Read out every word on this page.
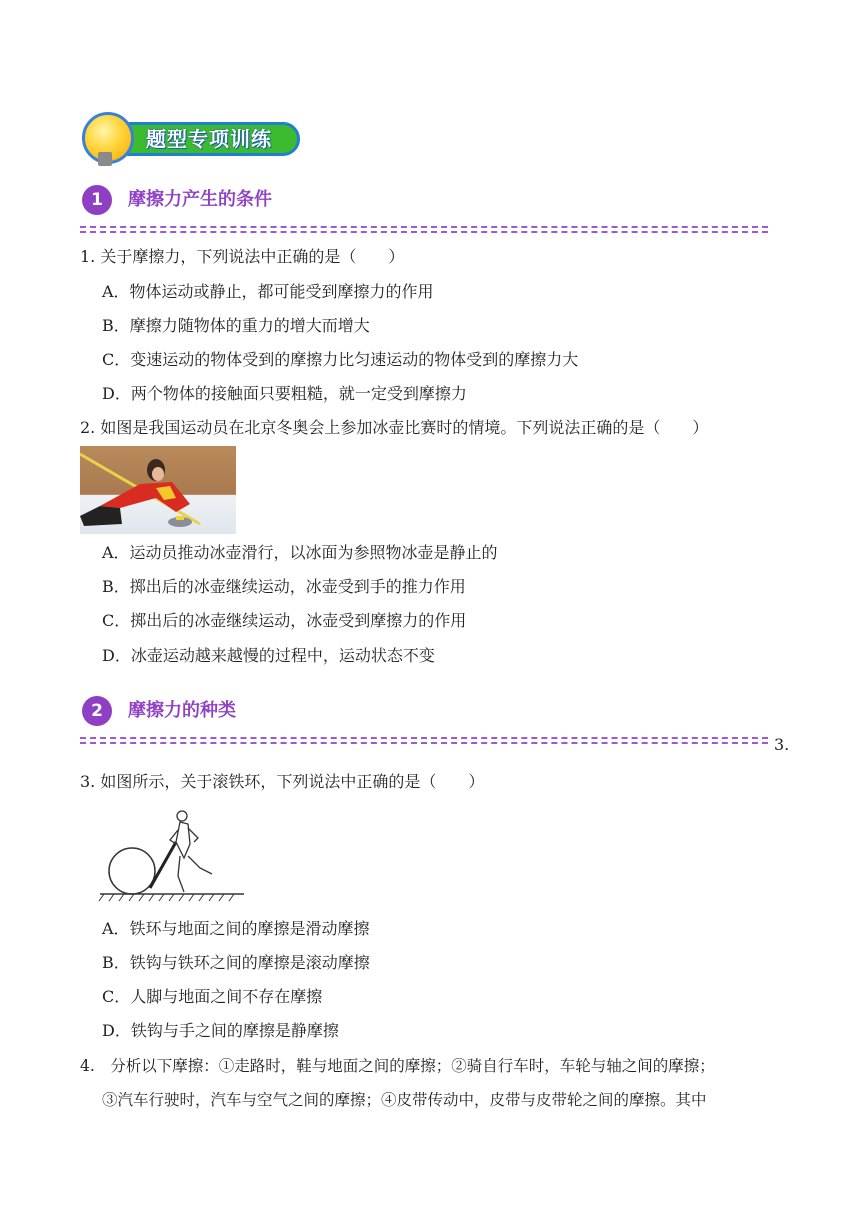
题型专项训练
1	摩擦力产生的条件
1. 关于摩擦力，下列说法中正确的是（　　）
A．物体运动或静止，都可能受到摩擦力的作用
B．摩擦力随物体的重力的增大而增大
C．变速运动的物体受到的摩擦力比匀速运动的物体受到的摩擦力大
D．两个物体的接触面只要粗糙，就一定受到摩擦力
2. 如图是我国运动员在北京冬奥会上参加冰壶比赛时的情境。下列说法正确的是（　　）
A．运动员推动冰壶滑行，以冰面为参照物冰壶是静止的
B．掷出后的冰壶继续运动，冰壶受到手的推力作用
C．掷出后的冰壶继续运动，冰壶受到摩擦力的作用
D．冰壶运动越来越慢的过程中，运动状态不变
2	摩擦力的种类
3.
3. 如图所示，关于滚铁环，下列说法中正确的是（　　）
A．铁环与地面之间的摩擦是滑动摩擦
B．铁钩与铁环之间的摩擦是滚动摩擦
C．人脚与地面之间不存在摩擦
D．铁钩与手之间的摩擦是静摩擦
4.　分析以下摩擦：①走路时，鞋与地面之间的摩擦；②骑自行车时，车轮与轴之间的摩擦；
③汽车行驶时，汽车与空气之间的摩擦；④皮带传动中，皮带与皮带轮之间的摩擦。其中
